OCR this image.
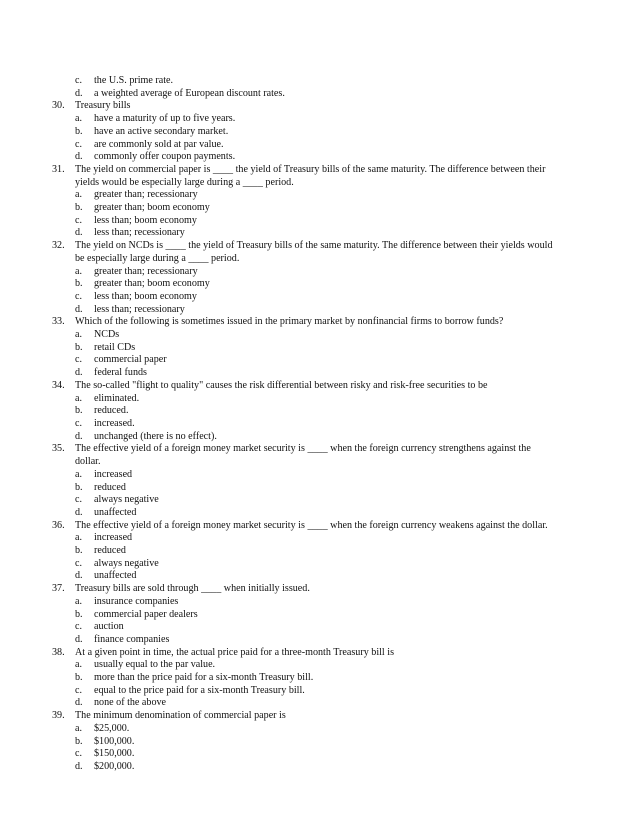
c.	the U.S. prime rate.
d.	a weighted average of European discount rates.
30.	Treasury bills
a.	have a maturity of up to five years.
b.	have an active secondary market.
c.	are commonly sold at par value.
d.	commonly offer coupon payments.
31.	The yield on commercial paper is ____ the yield of Treasury bills of the same maturity. The difference between their
yields would be especially large during a ____ period.
a.	greater than; recessionary
b.	greater than; boom economy
c.	less than; boom economy
d.	less than; recessionary
32.	The yield on NCDs is ____ the yield of Treasury bills of the same maturity. The difference between their yields would
be especially large during a ____ period.
a.	greater than; recessionary
b.	greater than; boom economy
c.	less than; boom economy
d.	less than; recessionary
33.	Which of the following is sometimes issued in the primary market by nonfinancial firms to borrow funds?
a.	NCDs
b.	retail CDs
c.	commercial paper
d.	federal funds
34.	The so-called "flight to quality" causes the risk differential between risky and risk-free securities to be
a.	eliminated.
b.	reduced.
c.	increased.
d.	unchanged (there is no effect).
35.	The effective yield of a foreign money market security is ____ when the foreign currency strengthens against the
dollar.
a.	increased
b.	reduced
c.	always negative
d.	unaffected
36.	The effective yield of a foreign money market security is ____ when the foreign currency weakens against the dollar.
a.	increased
b.	reduced
c.	always negative
d.	unaffected
37.	Treasury bills are sold through ____ when initially issued.
a.	insurance companies
b.	commercial paper dealers
c.	auction
d.	finance companies
38.	At a given point in time, the actual price paid for a three-month Treasury bill is
a.	usually equal to the par value.
b.	more than the price paid for a six-month Treasury bill.
c.	equal to the price paid for a six-month Treasury bill.
d.	none of the above
39.	The minimum denomination of commercial paper is
a.	$25,000.
b.	$100,000.
c.	$150,000.
d.	$200,000.
